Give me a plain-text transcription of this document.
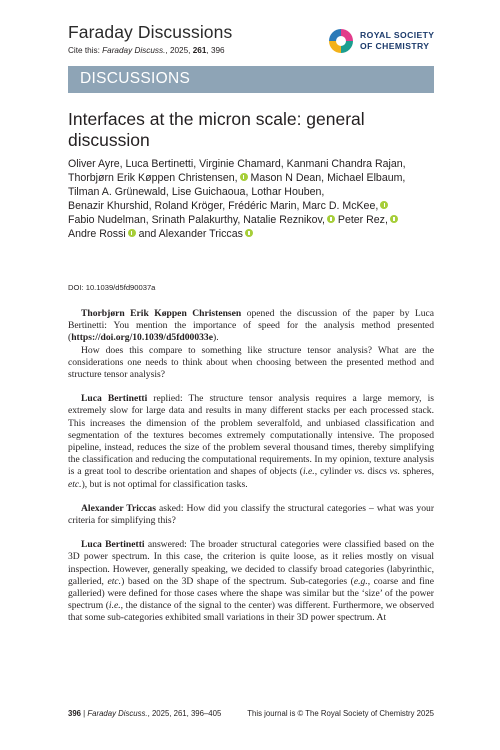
Faraday Discussions
Cite this: Faraday Discuss., 2025, 261, 396
ROYAL SOCIETY
OF CHEMISTRY
DISCUSSIONS
Interfaces at the micron scale: general discussion
Oliver Ayre, Luca Bertinetti, Virginie Chamard, Kanmani Chandra Rajan,
Thorbjørn Erik Køppen Christensen, Mason N Dean, Michael Elbaum,
Tilman A. Grünewald, Lise Guichaoua, Lothar Houben,
Benazir Khurshid, Roland Kröger, Frédéric Marin, Marc D. McKee,
Fabio Nudelman, Srinath Palakurthy, Natalie Reznikov, Peter Rez,
Andre Rossi and Alexander Triccas
DOI: 10.1039/d5fd90037a

Thorbjørn Erik Køppen Christensen opened the discussion of the paper by Luca Bertinetti: You mention the importance of speed for the analysis method presented (https://doi.org/10.1039/d5fd00033e).

How does this compare to something like structure tensor analysis? What are the considerations one needs to think about when choosing between the presented method and structure tensor analysis?

Luca Bertinetti replied: The structure tensor analysis requires a large memory, is extremely slow for large data and results in many different stacks per each processed stack. This increases the dimension of the problem severalfold, and unbiased classification and segmentation of the textures becomes extremely computationally intensive. The proposed pipeline, instead, reduces the size of the problem several thousand times, thereby simplifying the classification and reducing the computational requirements. In my opinion, texture analysis is a great tool to describe orientation and shapes of objects (i.e., cylinder vs. discs vs. spheres, etc.), but is not optimal for classification tasks.

Alexander Triccas asked: How did you classify the structural categories – what was your criteria for simplifying this?

Luca Bertinetti answered: The broader structural categories were classified based on the 3D power spectrum. In this case, the criterion is quite loose, as it relies mostly on visual inspection. However, generally speaking, we decided to classify broad categories (labyrinthic, galleried, etc.) based on the 3D shape of the spectrum. Sub-categories (e.g., coarse and fine galleried) were defined for those cases where the shape was similar but the ‘size’ of the power spectrum (i.e., the distance of the signal to the center) was different. Furthermore, we observed that some sub-categories exhibited small variations in their 3D power spectrum. At

396 | Faraday Discuss., 2025, 261, 396–405	This journal is © The Royal Society of Chemistry 2025
